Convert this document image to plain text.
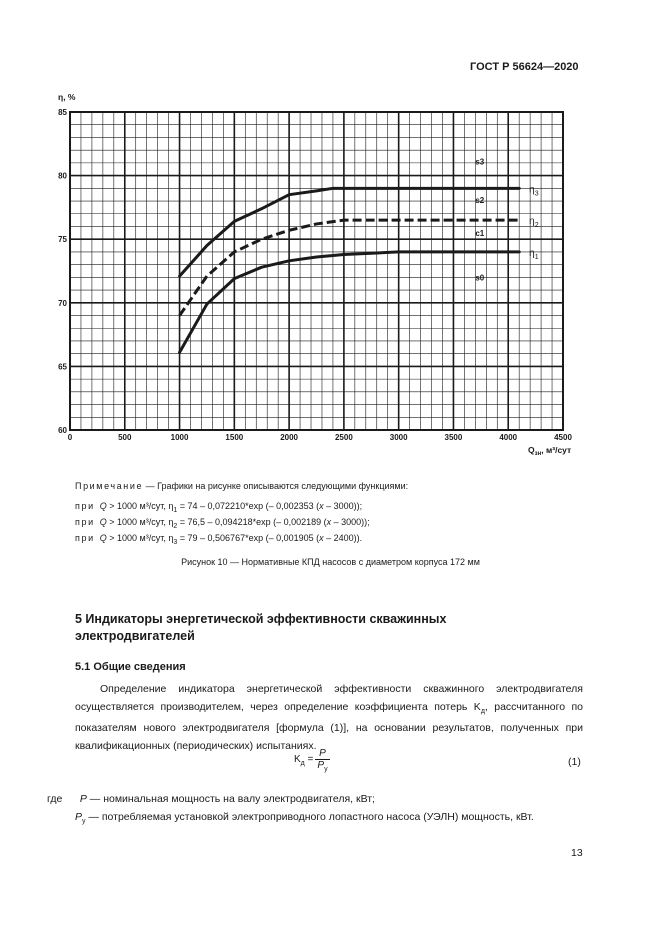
ГОСТ Р 56624—2020
0	500	1000	1500	2000	2500	3000	3500	4000	4500
60
65
70
75
80
85
η, %
$Q_{зн}$, м³/сут
$\eta_1$
$\eta_2$
$\eta_3$
s3
s2
c1
s0
Примечание — Графики на рисунке описываются следующими функциями:
при Q > 1000 м³/сут, $\eta_1 = 74 - 0,072210*\exp$ (– 0,002353 (x – 3000));
при Q > 1000 м³/сут, $\eta_2 = 76,5 - 0,094218*\exp$ (– 0,002189 (x – 3000));
при Q > 1000 м³/сут, $\eta_3 = 79 - 0,506767*\exp$ (– 0,001905 (x – 2400)).
Рисунок 10 — Нормативные КПД насосов с диаметром корпуса 172 мм
5 Индикаторы энергетической эффективности скважинных электродвигателей
5.1 Общие сведения
Определение индикатора энергетической эффективности скважинного электродвигателя осуществляется производителем, через определение коэффициента потерь $K_д$, рассчитанного по показателям нового электродвигателя [формула (1)], на основании результатов, полученных при квалификационных (периодических) испытаниях.
$K_д$ =	P
$P_у$
(1)
где P — номинальная мощность на валу электродвигателя, кВт;
$P_у$ — потребляемая установкой электроприводного лопастного насоса (УЭЛН) мощность, кВт.
13
